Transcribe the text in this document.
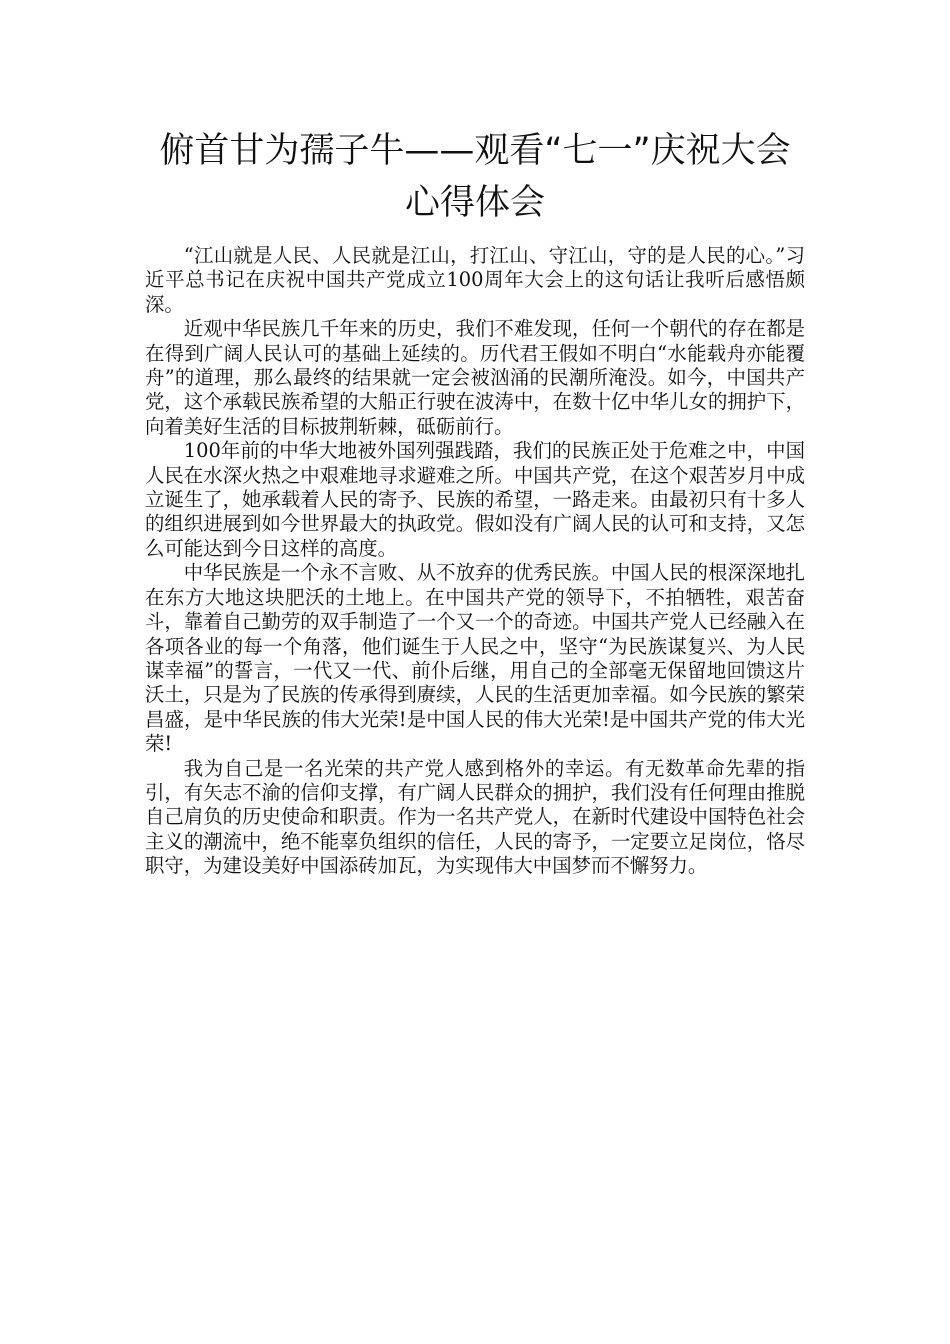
俯首甘为孺子牛——观看“七一”庆祝大会心得体会

“江山就是人民、人民就是江山，打江山、守江山，守的是人民的心。”习近平总书记在庆祝中国共产党成立100周年大会上的这句话让我听后感悟颇深。

近观中华民族几千年来的历史，我们不难发现，任何一个朝代的存在都是在得到广阔人民认可的基础上延续的。历代君王假如不明白“水能载舟亦能覆舟”的道理，那么最终的结果就一定会被汹涌的民潮所淹没。如今，中国共产党，这个承载民族希望的大船正行驶在波涛中，在数十亿中华儿女的拥护下，向着美好生活的目标披荆斩棘，砥砺前行。

100年前的中华大地被外国列强践踏，我们的民族正处于危难之中，中国人民在水深火热之中艰难地寻求避难之所。中国共产党，在这个艰苦岁月中成立诞生了，她承载着人民的寄予、民族的希望，一路走来。由最初只有十多人的组织进展到如今世界最大的执政党。假如没有广阔人民的认可和支持，又怎么可能达到今日这样的高度。

中华民族是一个永不言败、从不放弃的优秀民族。中国人民的根深深地扎在东方大地这块肥沃的土地上。在中国共产党的领导下，不拍牺牲，艰苦奋斗，靠着自己勤劳的双手制造了一个又一个的奇迹。中国共产党人已经融入在各项各业的每一个角落，他们诞生于人民之中，坚守“为民族谋复兴、为人民谋幸福”的誓言，一代又一代、前仆后继，用自己的全部毫无保留地回馈这片沃土，只是为了民族的传承得到赓续，人民的生活更加幸福。如今民族的繁荣昌盛，是中华民族的伟大光荣!是中国人民的伟大光荣!是中国共产党的伟大光荣!

我为自己是一名光荣的共产党人感到格外的幸运。有无数革命先辈的指引，有矢志不渝的信仰支撑，有广阔人民群众的拥护，我们没有任何理由推脱自己肩负的历史使命和职责。作为一名共产党人，在新时代建设中国特色社会主义的潮流中，绝不能辜负组织的信任，人民的寄予，一定要立足岗位，恪尽职守，为建设美好中国添砖加瓦，为实现伟大中国梦而不懈努力。
